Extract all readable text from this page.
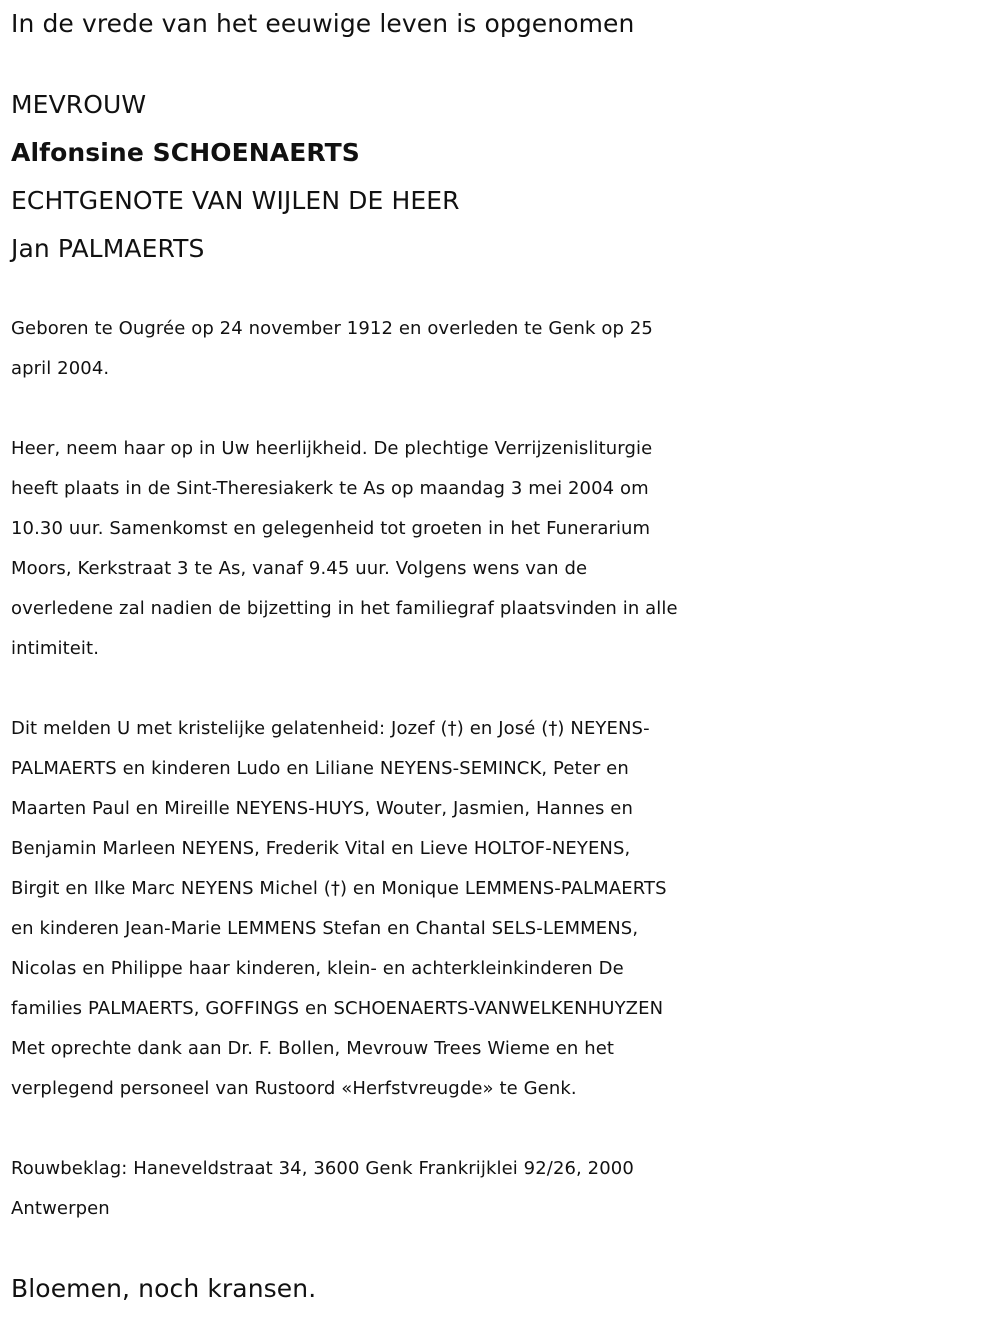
In de vrede van het eeuwige leven is opgenomen
MEVROUW
Alfonsine SCHOENAERTS
ECHTGENOTE VAN WIJLEN DE HEER
Jan PALMAERTS
Geboren te Ougrée op 24 november 1912 en overleden te Genk op 25
april 2004.
Heer, neem haar op in Uw heerlijkheid. De plechtige Verrijzenisliturgie
heeft plaats in de Sint-Theresiakerk te As op maandag 3 mei 2004 om
10.30 uur. Samenkomst en gelegenheid tot groeten in het Funerarium
Moors, Kerkstraat 3 te As, vanaf 9.45 uur. Volgens wens van de
overledene zal nadien de bijzetting in het familiegraf plaatsvinden in alle
intimiteit.
Dit melden U met kristelijke gelatenheid: Jozef (†) en José (†) NEYENS-
PALMAERTS en kinderen Ludo en Liliane NEYENS-SEMINCK, Peter en
Maarten Paul en Mireille NEYENS-HUYS, Wouter, Jasmien, Hannes en
Benjamin Marleen NEYENS, Frederik Vital en Lieve HOLTOF-NEYENS,
Birgit en Ilke Marc NEYENS Michel (†) en Monique LEMMENS-PALMAERTS
en kinderen Jean-Marie LEMMENS Stefan en Chantal SELS-LEMMENS,
Nicolas en Philippe haar kinderen, klein- en achterkleinkinderen De
families PALMAERTS, GOFFINGS en SCHOENAERTS-VANWELKENHUYZEN
Met oprechte dank aan Dr. F. Bollen, Mevrouw Trees Wieme en het
verplegend personeel van Rustoord «Herfstvreugde» te Genk.
Rouwbeklag: Haneveldstraat 34, 3600 Genk Frankrijklei 92/26, 2000
Antwerpen
Bloemen, noch kransen.
